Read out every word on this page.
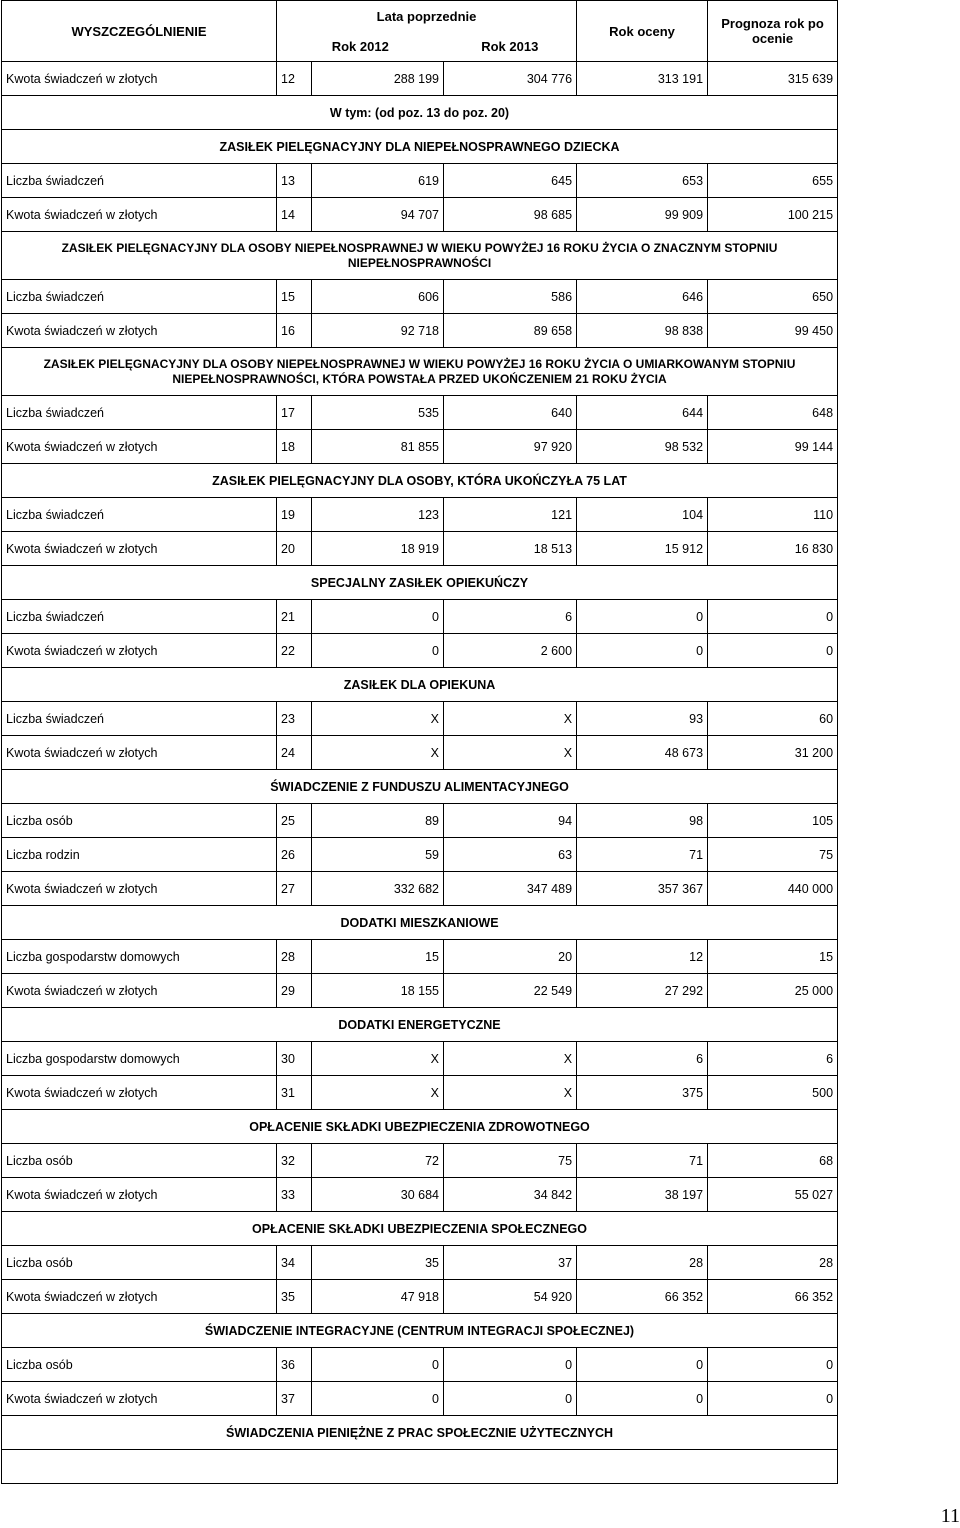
WYSZCZEGÓLNIENIE	Lata poprzednie			Rok oceny	Prognoza rok po ocenie
	Rok 2012		Rok 2013		
Kwota świadczeń w złotych	12	288 199	304 776	313 191	315 639
W tym: (od poz. 13 do poz. 20)					
ZASIŁEK PIELĘGNACYJNY DLA NIEPEŁNOSPRAWNEGO DZIECKA					
Liczba świadczeń	13	619	645	653	655
Kwota świadczeń w złotych	14	94 707	98 685	99 909	100 215
ZASIŁEK PIELĘGNACYJNY DLA OSOBY NIEPEŁNOSPRAWNEJ W WIEKU POWYŻEJ 16 ROKU ŻYCIA O ZNACZNYM STOPNIU NIEPEŁNOSPRAWNOŚCI					
Liczba świadczeń	15	606	586	646	650
Kwota świadczeń w złotych	16	92 718	89 658	98 838	99 450
ZASIŁEK PIELĘGNACYJNY DLA OSOBY NIEPEŁNOSPRAWNEJ W WIEKU POWYŻEJ 16 ROKU ŻYCIA O UMIARKOWANYM STOPNIU NIEPEŁNOSPRAWNOŚCI, KTÓRA POWSTAŁA PRZED UKOŃCZENIEM 21 ROKU ŻYCIA					
Liczba świadczeń	17	535	640	644	648
Kwota świadczeń w złotych	18	81 855	97 920	98 532	99 144
ZASIŁEK PIELĘGNACYJNY DLA OSOBY, KTÓRA UKOŃCZYŁA 75 LAT					
Liczba świadczeń	19	123	121	104	110
Kwota świadczeń w złotych	20	18 919	18 513	15 912	16 830
SPECJALNY ZASIŁEK OPIEKUŃCZY					
Liczba świadczeń	21	0	6	0	0
Kwota świadczeń w złotych	22	0	2 600	0	0
ZASIŁEK DLA OPIEKUNA					
Liczba świadczeń	23	X	X	93	60
Kwota świadczeń w złotych	24	X	X	48 673	31 200
ŚWIADCZENIE Z FUNDUSZU ALIMENTACYJNEGO					
Liczba osób	25	89	94	98	105
Liczba rodzin	26	59	63	71	75
Kwota świadczeń w złotych	27	332 682	347 489	357 367	440 000
DODATKI MIESZKANIOWE					
Liczba gospodarstw domowych	28	15	20	12	15
Kwota świadczeń w złotych	29	18 155	22 549	27 292	25 000
DODATKI ENERGETYCZNE					
Liczba gospodarstw domowych	30	X	X	6	6
Kwota świadczeń w złotych	31	X	X	375	500
OPŁACENIE SKŁADKI UBEZPIECZENIA ZDROWOTNEGO					
Liczba osób	32	72	75	71	68
Kwota świadczeń w złotych	33	30 684	34 842	38 197	55 027
OPŁACENIE SKŁADKI UBEZPIECZENIA SPOŁECZNEGO					
Liczba osób	34	35	37	28	28
Kwota świadczeń w złotych	35	47 918	54 920	66 352	66 352
ŚWIADCZENIE INTEGRACYJNE (CENTRUM INTEGRACJI SPOŁECZNEJ)					
Liczba osób	36	0	0	0	0
Kwota świadczeń w złotych	37	0	0	0	0
ŚWIADCZENIA PIENIĘŻNE Z PRAC SPOŁECZNIE UŻYTECZNYCH					

11
